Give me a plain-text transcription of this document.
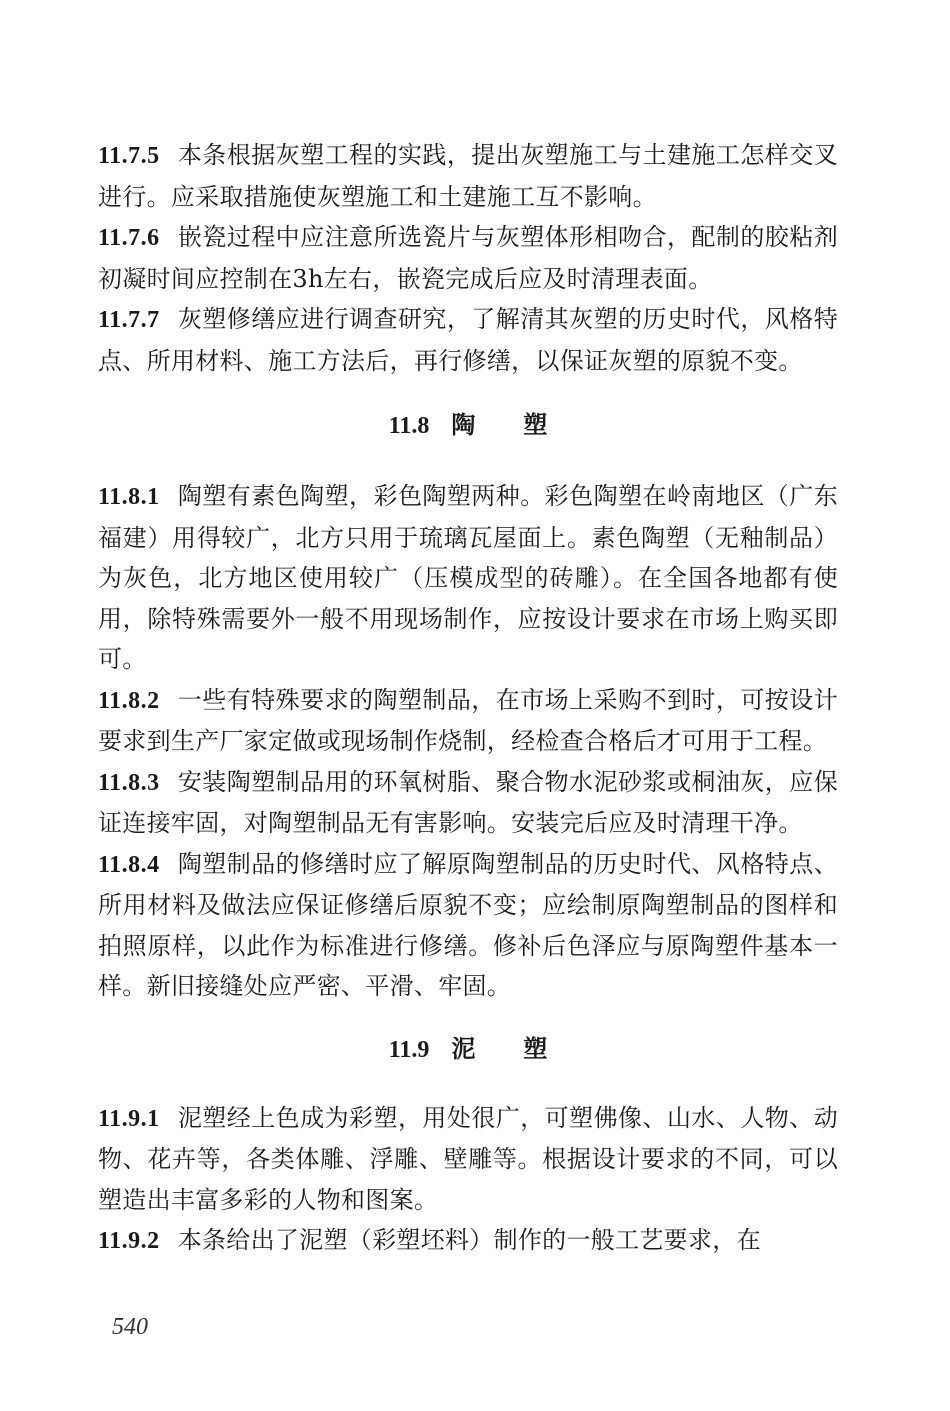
11.7.5 本条根据灰塑工程的实践，提出灰塑施工与土建施工怎样交叉进行。应采取措施使灰塑施工和土建施工互不影响。

11.7.6 嵌瓷过程中应注意所选瓷片与灰塑体形相吻合，配制的胶粘剂初凝时间应控制在3h左右，嵌瓷完成后应及时清理表面。

11.7.7 灰塑修缮应进行调查研究，了解清其灰塑的历史时代，风格特点、所用材料、施工方法后，再行修缮，以保证灰塑的原貌不变。

11.8 陶 塑

11.8.1 陶塑有素色陶塑，彩色陶塑两种。彩色陶塑在岭南地区（广东福建）用得较广，北方只用于琉璃瓦屋面上。素色陶塑（无釉制品）为灰色，北方地区使用较广（压模成型的砖雕）。在全国各地都有使用，除特殊需要外一般不用现场制作，应按设计要求在市场上购买即可。

11.8.2 一些有特殊要求的陶塑制品，在市场上采购不到时，可按设计要求到生产厂家定做或现场制作烧制，经检查合格后才可用于工程。

11.8.3 安装陶塑制品用的环氧树脂、聚合物水泥砂浆或桐油灰，应保证连接牢固，对陶塑制品无有害影响。安装完后应及时清理干净。

11.8.4 陶塑制品的修缮时应了解原陶塑制品的历史时代、风格特点、所用材料及做法应保证修缮后原貌不变；应绘制原陶塑制品的图样和拍照原样，以此作为标准进行修缮。修补后色泽应与原陶塑件基本一样。新旧接缝处应严密、平滑、牢固。

11.9 泥 塑

11.9.1 泥塑经上色成为彩塑，用处很广，可塑佛像、山水、人物、动物、花卉等，各类体雕、浮雕、壁雕等。根据设计要求的不同，可以塑造出丰富多彩的人物和图案。

11.9.2 本条给出了泥塑（彩塑坯料）制作的一般工艺要求，在

540
